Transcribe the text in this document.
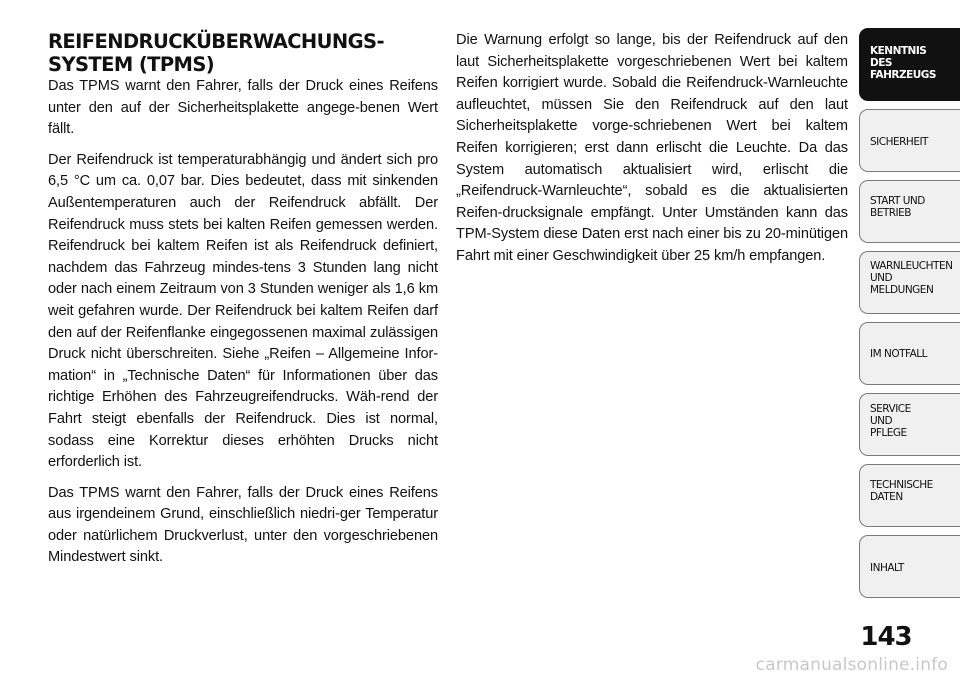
REIFENDRUCKÜBERWACHUNGS-
SYSTEM (TPMS)

Das TPMS warnt den Fahrer, falls der Druck eines Reifens unter den auf der Sicherheitsplakette angege-benen Wert fällt.

Der Reifendruck ist temperaturabhängig und ändert sich pro 6,5 °C um ca. 0,07 bar. Dies bedeutet, dass mit sinkenden Außentemperaturen auch der Reifendruck abfällt. Der Reifendruck muss stets bei kalten Reifen gemessen werden. Reifendruck bei kaltem Reifen ist als Reifendruck definiert, nachdem das Fahrzeug mindes-tens 3 Stunden lang nicht oder nach einem Zeitraum von 3 Stunden weniger als 1,6 km weit gefahren wurde. Der Reifendruck bei kaltem Reifen darf den auf der Reifenflanke eingegossenen maximal zulässigen Druck nicht überschreiten. Siehe „Reifen – Allgemeine Infor-mation“ in „Technische Daten“ für Informationen über das richtige Erhöhen des Fahrzeugreifendrucks. Wäh-rend der Fahrt steigt ebenfalls der Reifendruck. Dies ist normal, sodass eine Korrektur dieses erhöhten Drucks nicht erforderlich ist.

Das TPMS warnt den Fahrer, falls der Druck eines Reifens aus irgendeinem Grund, einschließlich niedri-ger Temperatur oder natürlichem Druckverlust, unter den vorgeschriebenen Mindestwert sinkt.

Die Warnung erfolgt so lange, bis der Reifendruck auf den laut Sicherheitsplakette vorgeschriebenen Wert bei kaltem Reifen korrigiert wurde. Sobald die Reifendruck-Warnleuchte aufleuchtet, müssen Sie den Reifendruck auf den laut Sicherheitsplakette vorge-schriebenen Wert bei kaltem Reifen korrigieren; erst dann erlischt die Leuchte. Da das System automatisch aktualisiert wird, erlischt die „Reifendruck-Warnleuchte“, sobald es die aktualisierten Reifen-drucksignale empfängt. Unter Umständen kann das TPM-System diese Daten erst nach einer bis zu 20-minütigen Fahrt mit einer Geschwindigkeit über 25 km/h empfangen.

KENNTNIS
DES
FAHRZEUGS
SICHERHEIT
START UND
BETRIEB
WARNLEUCHTEN
UND
MELDUNGEN
IM NOTFALL
SERVICE
UND
PFLEGE
TECHNISCHE
DATEN
INHALT
143
carmanualsonline.info
